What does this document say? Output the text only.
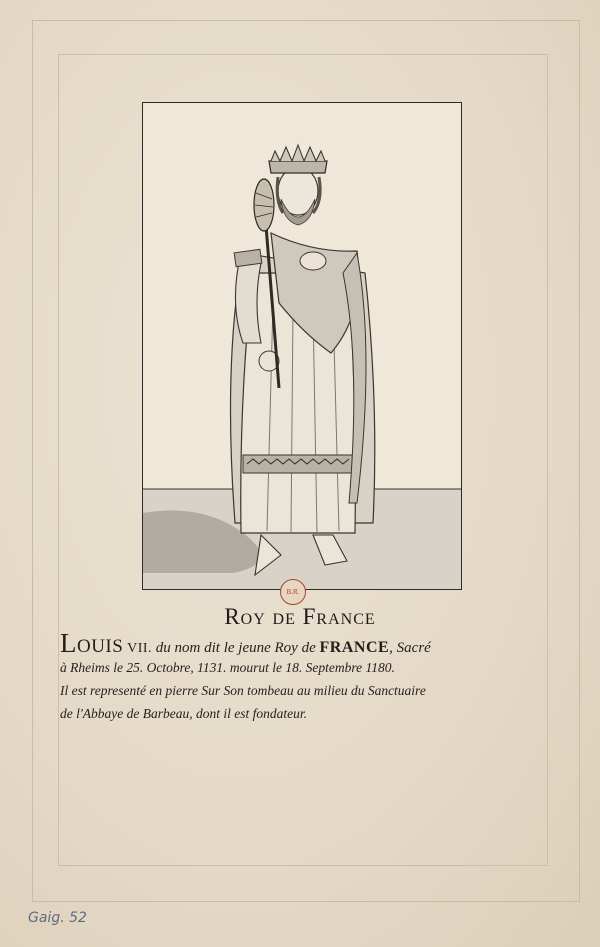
B.R.
Roy de France
Louis VII. du nom dit le jeune Roy de FRANCE, Sacré
à Rheims le 25. Octobre, 1131. mourut le 18. Septembre 1180.
Il est representé en pierre Sur Son tombeau au milieu du Sanctuaire
de l'Abbaye de Barbeau, dont il est fondateur.
Gaig. 52
